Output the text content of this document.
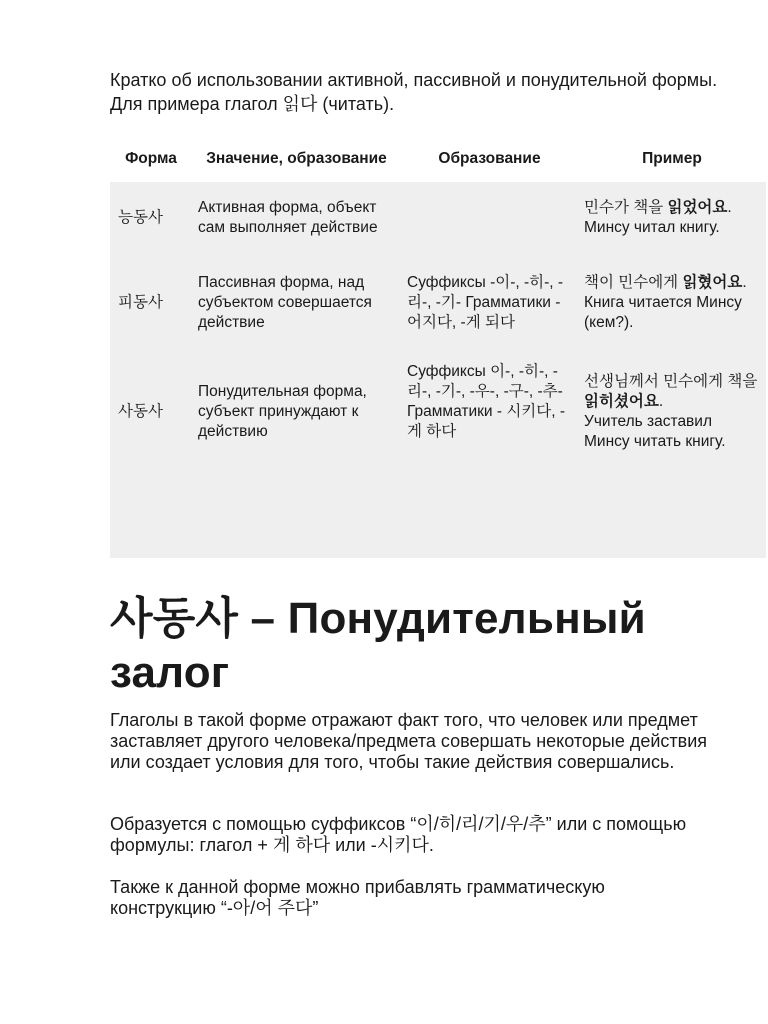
Кратко об использовании активной, пассивной и понудительной формы. Для примера глагол 읽다 (читать).

Форма	Значение, образование	Образование	Пример
능동사	Активная форма, объект сам выполняет действие		민수가 책을 읽었어요.
Минсу читал книгу.

피동사	Пассивная форма, над субъектом совершается действие	Суффиксы -이-, -히-, -리-, -기- Грамматики - 어지다, -게 되다	책이 민수에게 읽혔어요.
Книга читается Минсу (кем?).

사동사	Понудительная форма, субъект принуждают к действию	Суффиксы 이-, -히-, -리-, -기-, -우-, -구-, -추- Грамматики - 시키다, -게 하다	선생님께서 민수에게 책을 읽히셨어요.
Учитель заставил Минсу читать книгу.
사동사 – Понудительный залог

Глаголы в такой форме отражают факт того, что человек или предмет заставляет другого человека/предмета совершать некоторые действия или создает условия для того, чтобы такие действия совершались.

Образуется с помощью суффиксов “이/히/리/기/우/추” или с помощью формулы: глагол + 게 하다 или -시키다.

Также к данной форме можно прибавлять грамматическую конструкцию “-아/어 주다”
